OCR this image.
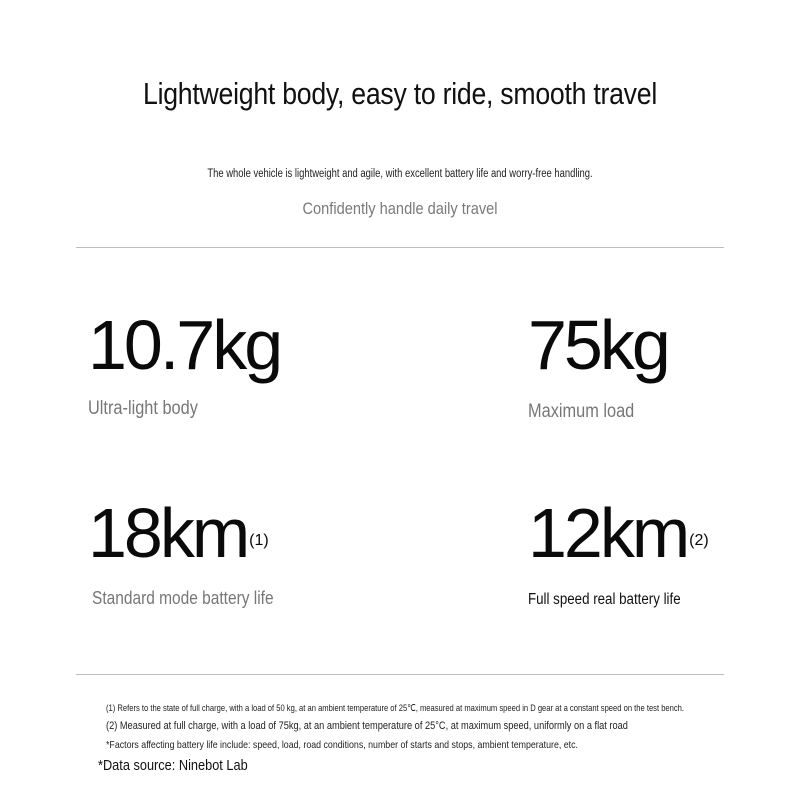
Lightweight body, easy to ride, smooth travel
The whole vehicle is lightweight and agile, with excellent battery life and worry-free handling.
Confidently handle daily travel
10.7kg
Ultra-light body
75kg
Maximum load
18km $^{(1)}$
Standard mode battery life
12km $^{(2)}$
Full speed real battery life
(1) Refers to the state of full charge, with a load of 50 kg, at an ambient temperature of 25℃, measured at maximum speed in D gear at a constant speed on the test bench.
(2) Measured at full charge, with a load of 75kg, at an ambient temperature of 25°C, at maximum speed, uniformly on a flat road
*Factors affecting battery life include: speed, load, road conditions, number of starts and stops, ambient temperature, etc.
*Data source: Ninebot Lab
